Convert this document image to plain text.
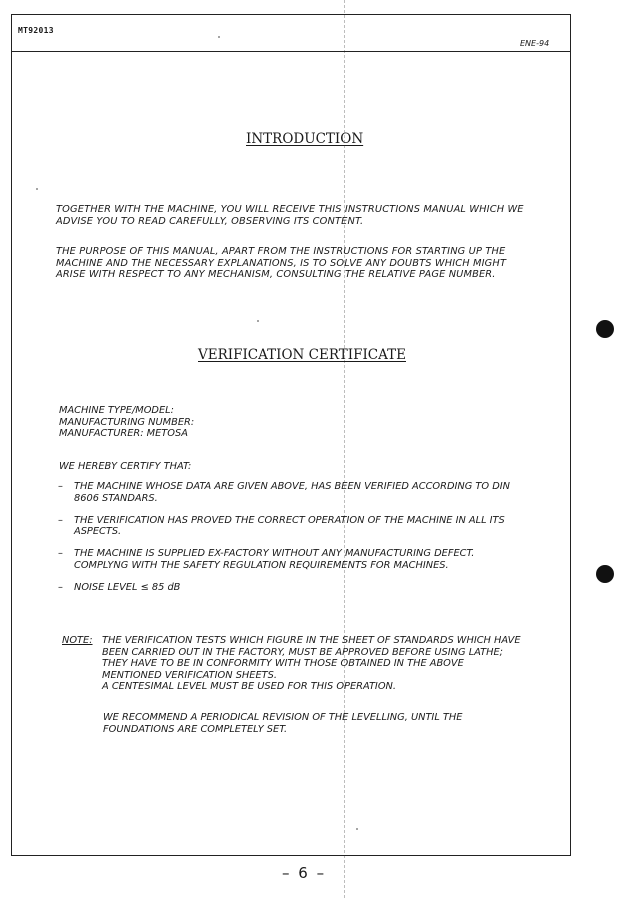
MT92013
ENE-94
INTRODUCTION
TOGETHER WITH THE MACHINE, YOU WILL RECEIVE THIS INSTRUCTIONS MANUAL WHICH WE
ADVISE YOU TO READ CAREFULLY, OBSERVING ITS CONTENT.
THE PURPOSE OF THIS MANUAL, APART FROM THE INSTRUCTIONS FOR STARTING UP THE
MACHINE AND THE NECESSARY EXPLANATIONS, IS TO SOLVE ANY DOUBTS WHICH MIGHT
ARISE WITH RESPECT TO ANY MECHANISM, CONSULTING THE RELATIVE PAGE NUMBER.
VERIFICATION CERTIFICATE
MACHINE TYPE/MODEL:
MANUFACTURING NUMBER:
MANUFACTURER: METOSA
WE HEREBY CERTIFY THAT:
– THE MACHINE WHOSE DATA ARE GIVEN ABOVE, HAS BEEN VERIFIED ACCORDING TO DIN
8606 STANDARS.
– THE VERIFICATION HAS PROVED THE CORRECT OPERATION OF THE MACHINE IN ALL ITS
ASPECTS.
– THE MACHINE IS SUPPLIED EX-FACTORY WITHOUT ANY MANUFACTURING DEFECT.
COMPLYNG WITH THE SAFETY REGULATION REQUIREMENTS FOR MACHINES.
– NOISE LEVEL ≤ 85 dB
NOTE: THE VERIFICATION TESTS WHICH FIGURE IN THE SHEET OF STANDARDS WHICH HAVE
BEEN CARRIED OUT IN THE FACTORY, MUST BE APPROVED BEFORE USING LATHE;
THEY HAVE TO BE IN CONFORMITY WITH THOSE OBTAINED IN THE ABOVE
MENTIONED VERIFICATION SHEETS.
A CENTESIMAL LEVEL MUST BE USED FOR THIS OPERATION.
WE RECOMMEND A PERIODICAL REVISION OF THE LEVELLING, UNTIL THE
FOUNDATIONS ARE COMPLETELY SET.
– 6 –
